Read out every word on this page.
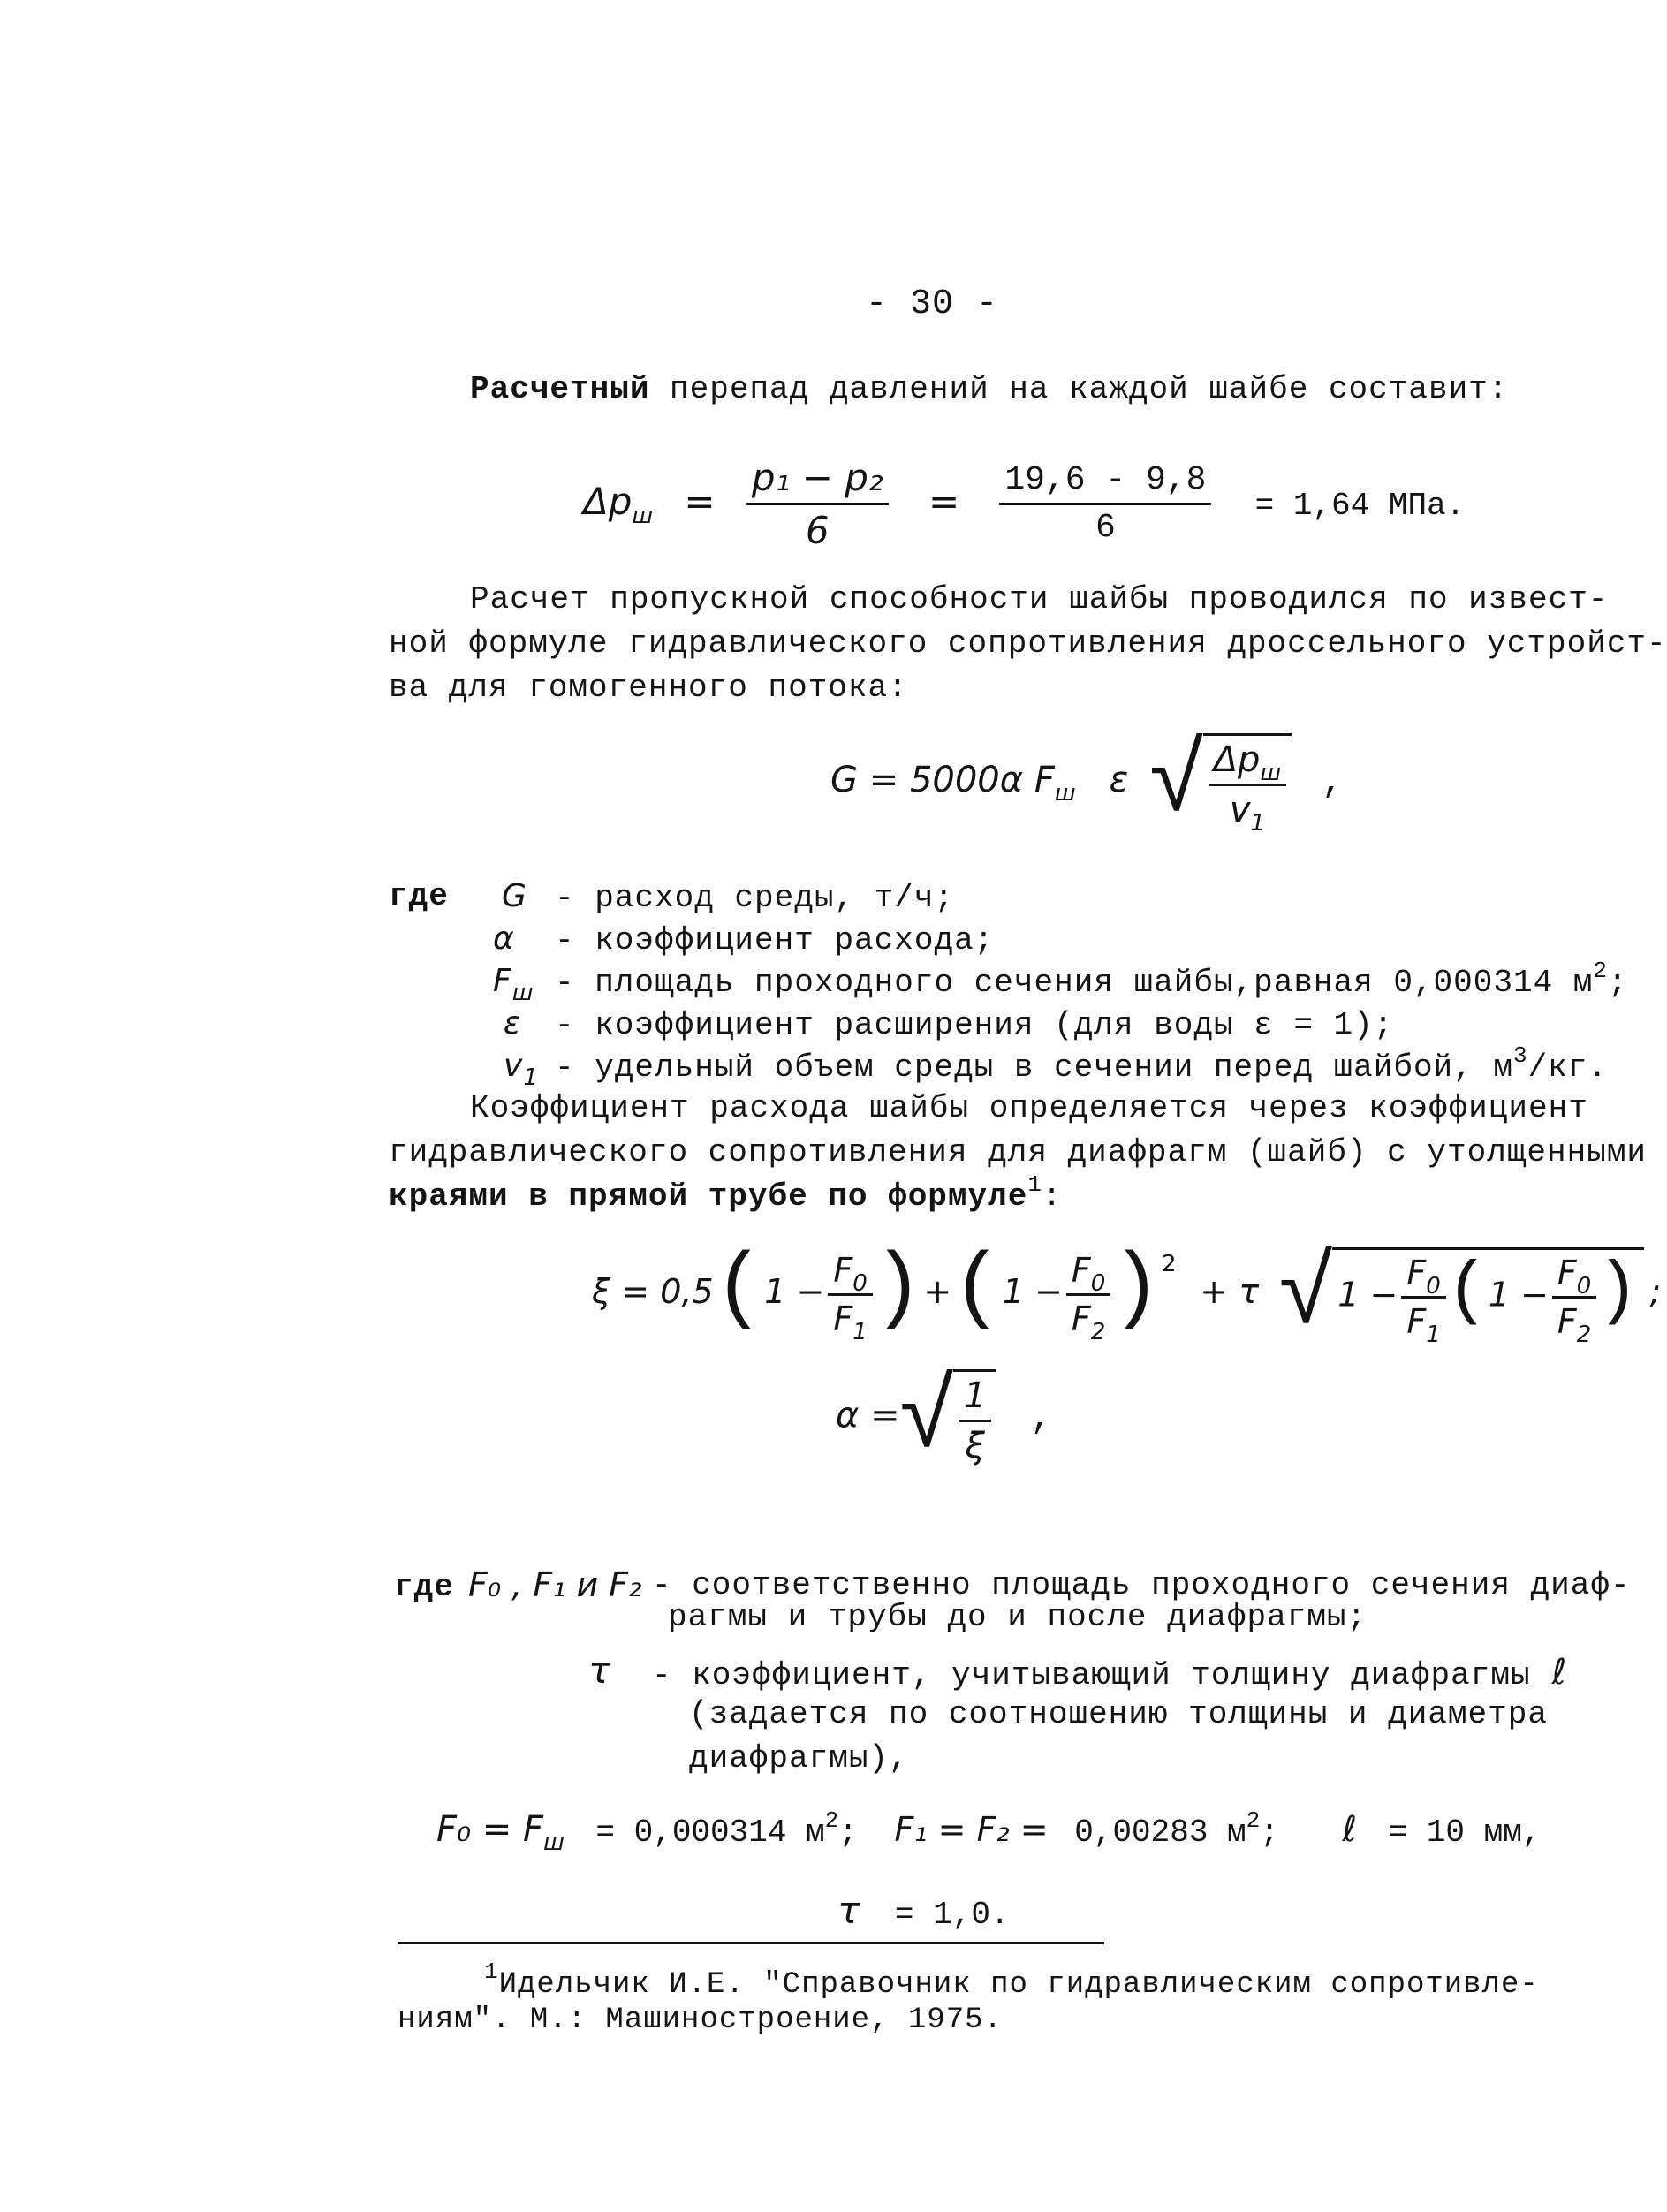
- 30 -
Расчетный перепад давлений на каждой шайбе составит:
$\Delta p_ш = \frac{\text{p₁ − p₂}}{6} = \frac{19,6 - 9,8}{6} = 1,64$ МПа.
Расчет пропускной способности шайбы проводился по извест-
ной формуле гидравлического сопротивления дроссельного устройст-
ва для гомогенного потока:
G = 5000α $F_ш$ ε √ $\frac{\Delta p_ш}{v_1}$ ,
где G - расход среды, т/ч;
α - коэффициент расхода;
$F_ш$ - площадь проходного сечения шайбы,равная 0,000314 $м^2$;
ε - коэффициент расширения (для воды ε = 1);
$v_1$ - удельный объем среды в сечении перед шайбой, $м^3/кг$.
Коэффициент расхода шайбы определяется через коэффициент
гидравлического сопротивления для диафрагм (шайб) с утолщенными
краями в прямой трубе по формуле$^1$:
$\xi = 0,5(1 - \frac{F_0}{F_1} )+(1 - \frac{F_0}{F_2} )^2 + \tau$ √ $1 - \frac{F_0}{F_1} (1 - \frac{F_0}{F_2}$ ) ;
α =√ $\frac{1}{\xi}$ ,
где F₀ , F₁ и F₂ - соответственно площадь проходного сечения диаф-
рагмы и трубы до и после диафрагмы;
τ - коэффициент, учитывающий толщину диафрагмы ℓ
(задается по соотношению толщины и диаметра
диафрагмы),
$F_0 = F_ш = 0,000314$ $м^2$; F₁ = F₂ = 0,00283 $м^2$; ℓ = 10 мм,
τ = 1,0.
$^1$Идельчик И.Е. "Справочник по гидравлическим сопротивле-
ниям". М.: Машиностроение, 1975.
